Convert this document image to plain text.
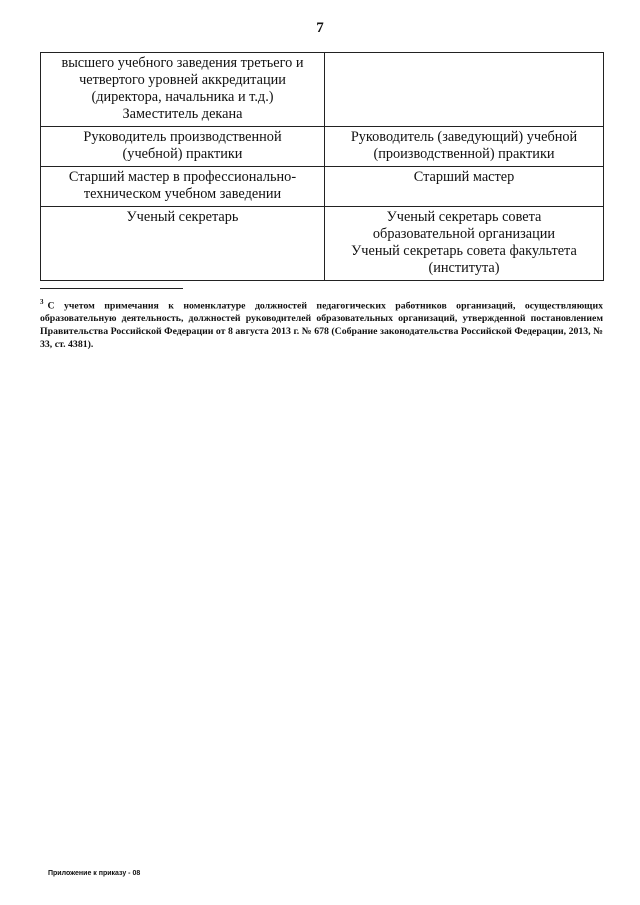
7
высшего учебного заведения третьего и
четвертого уровней аккредитации
(директора, начальника и т.д.)
Заместитель декана	

Руководитель производственной
(учебной) практики	Руководитель (заведующий) учебной
(производственной) практики

Старший мастер в профессионально-
техническом учебном заведении	Старший мастер

Ученый секретарь	Ученый секретарь совета
образовательной организации
Ученый секретарь совета факультета
(института)
$^3$ С учетом примечания к номенклатуре должностей педагогических работников организаций, осуществляющих образовательную деятельность, должностей руководителей образовательных организаций, утвержденной постановлением Правительства Российской Федерации от 8 августа 2013 г. № 678 (Собрание законодательства Российской Федерации, 2013, № 33, ст. 4381).
Приложение к приказу - 08
